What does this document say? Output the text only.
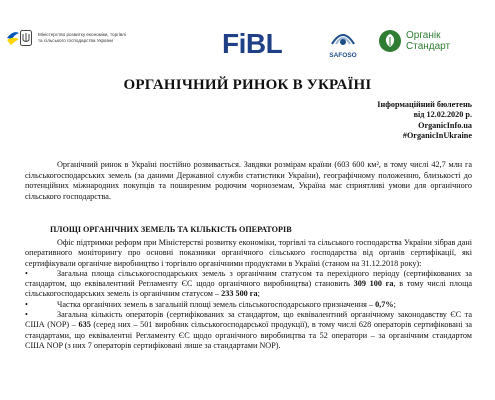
Міністерство розвитку економіки, торгівлі
та сільського господарства України	FiBL	SAFOSO
Органік
Стандарт
ОРГАНІЧНИЙ РИНОК В УКРАЇНІ
Інформаційний бюлетень
від 12.02.2020 р.
OrganicInfo.ua
#OrganicInUkraine
Органічний ринок в Україні постійно розвивається. Завдяки розмірам країни (603 600 км², в тому числі 42,7 млн га сільськогосподарських земель (за даними Державної служби статистики України), географічному положенню, близькості до потенційних міжнародних покупців та поширеним родючим чорноземам, Україна має сприятливі умови для органічного сільського господарства.
ПЛОЩІ ОРГАНІЧНИХ ЗЕМЕЛЬ ТА КІЛЬКІСТЬ ОПЕРАТОРІВ

Офіс підтримки реформ при Міністерстві розвитку економіки, торгівлі та сільського господарства України зібрав дані оперативного моніторингу про основні показники органічного сільського господарства від органів сертифікації, які сертифікували органічне виробництво і торгівлю органічними продуктами в Україні (станом на 31.12.2018 року):

•	Загальна площа сільськогосподарських земель з органічним статусом та перехідного періоду (сертифікованих за стандартом, що еквівалентний Регламенту ЄС щодо органічного виробництва) становить 309 100 га, в тому числі площа сільськогосподарських земель із органічним статусом – 233 500 га;

•	Частка органічних земель в загальній площі земель сільськогосподарського призначення – 0,7%;

•	Загальна кількість операторів (сертифікованих за стандартом, що еквівалентний органічному законодавству ЄС та США (NOP) – 635 (серед них – 501 виробник сільськогосподарської продукції), в тому числі 628 операторів сертифіковані за стандартами, що еквівалентні Регламенту ЄС щодо органічного виробництва та 52 оператори – за органічним стандартом США NOP (з них 7 операторів сертифіковані лише за стандартами NOP).
